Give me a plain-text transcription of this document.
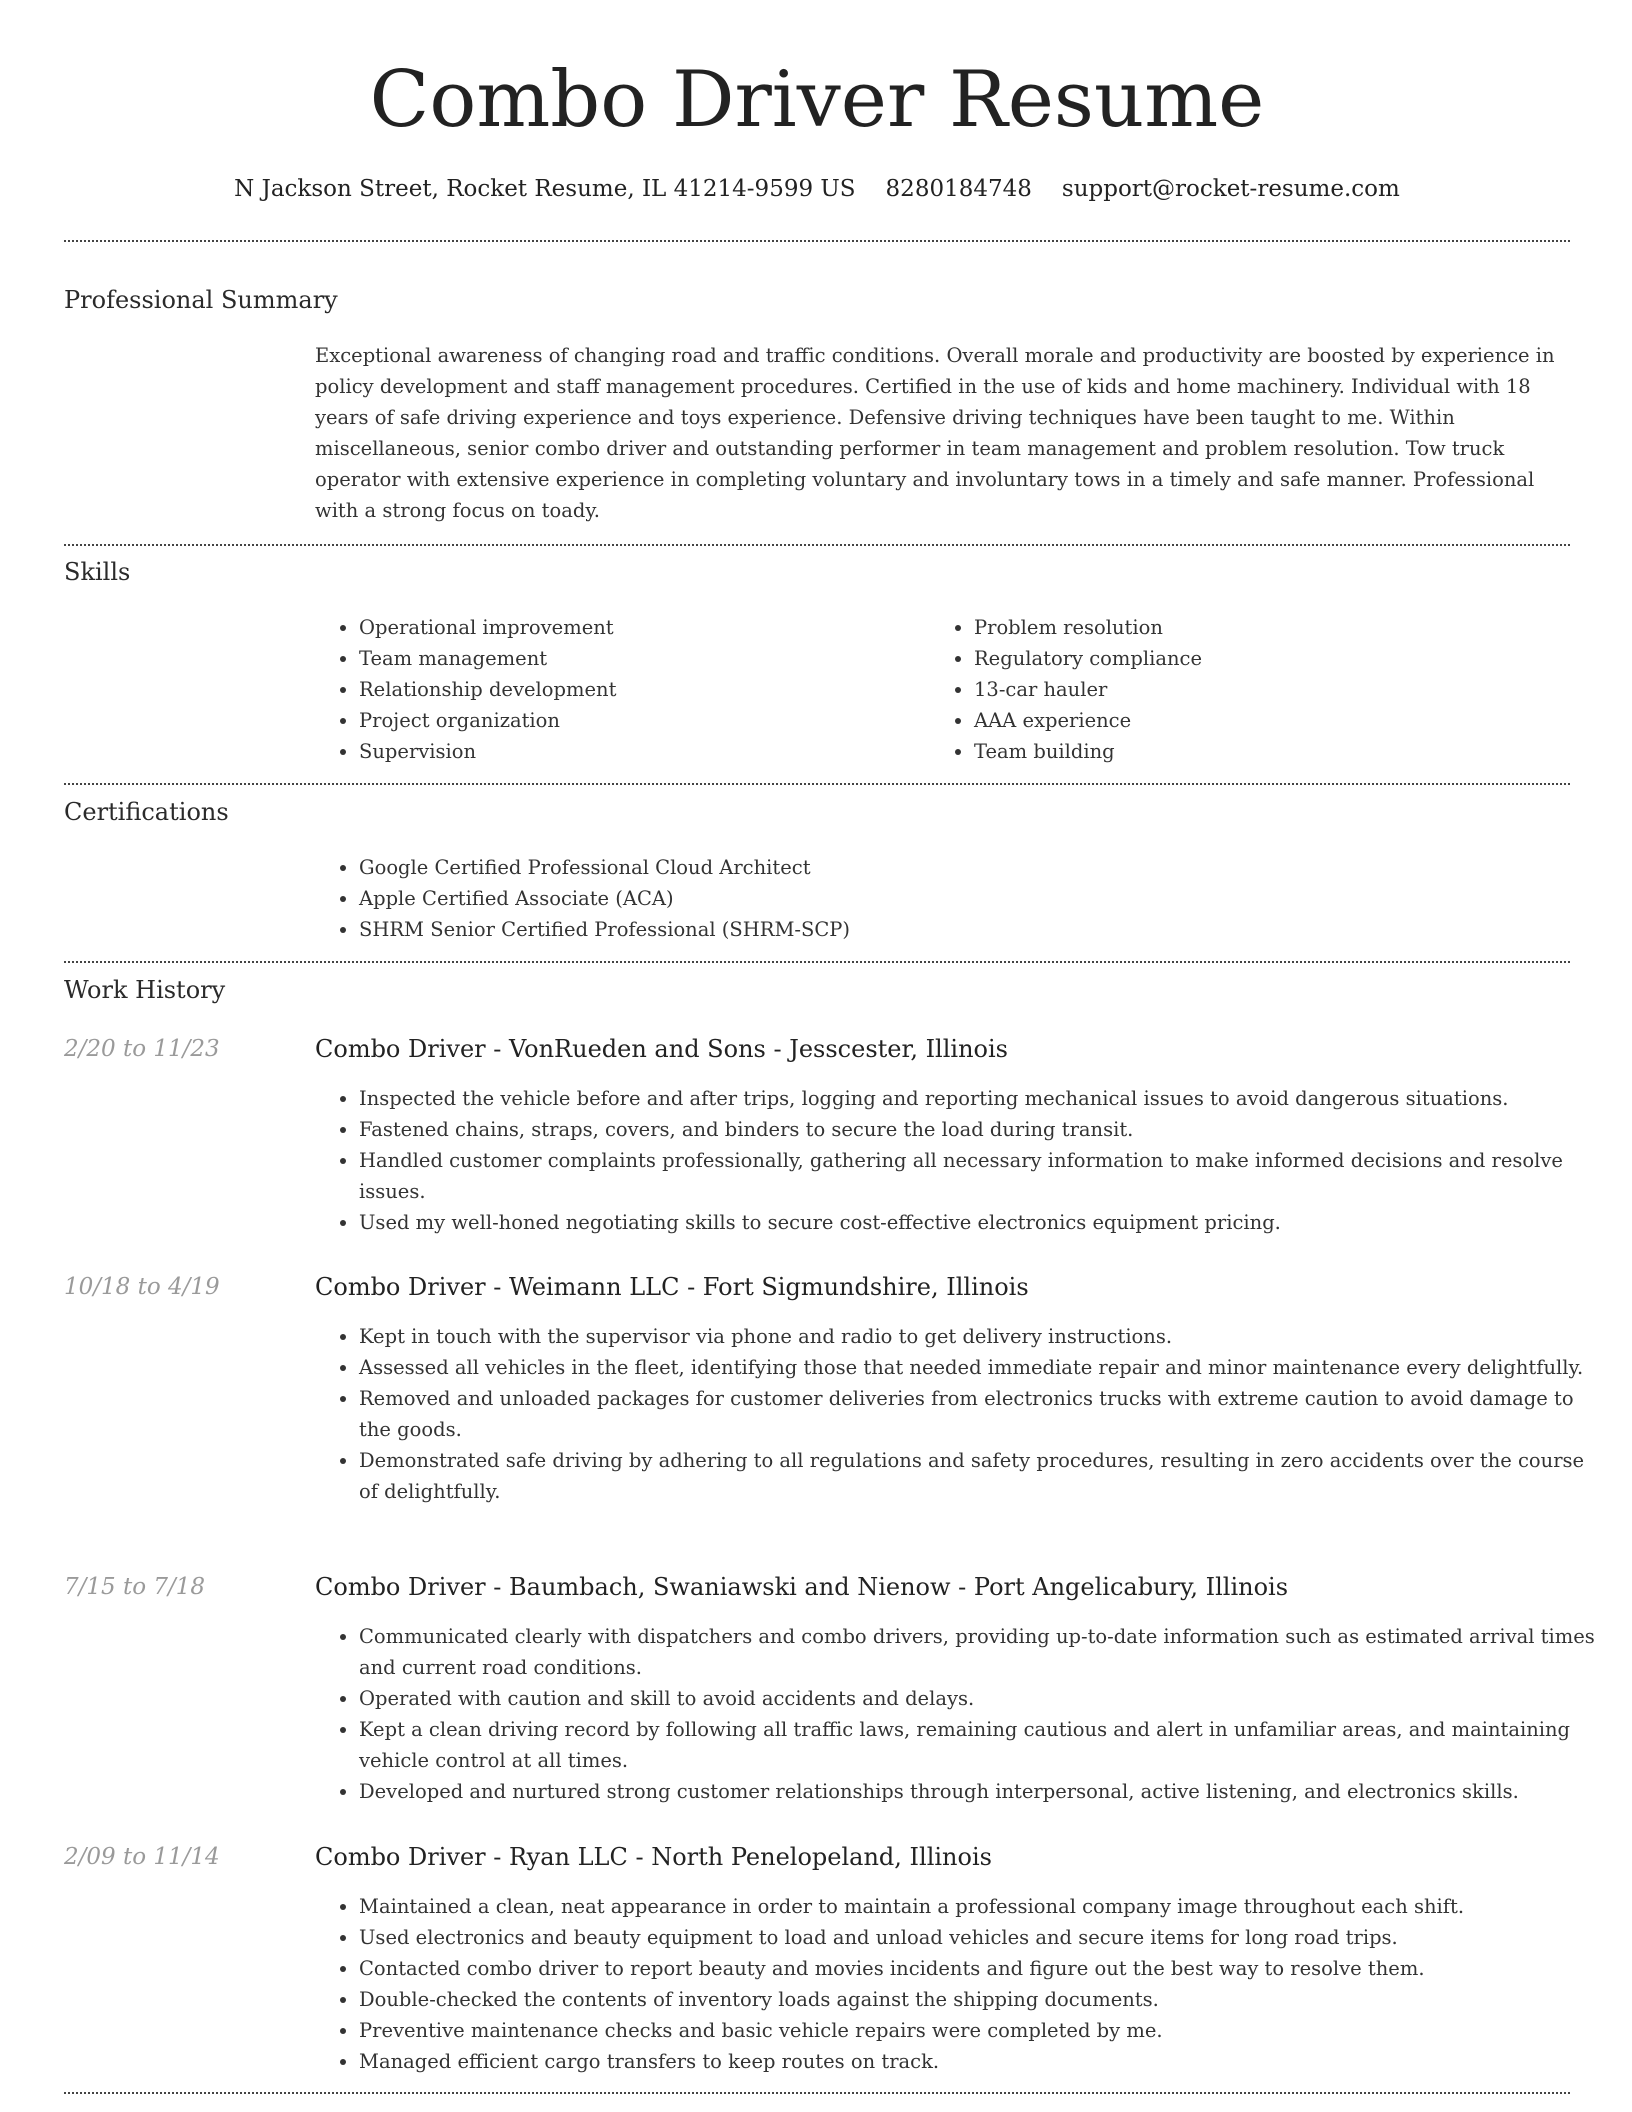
Combo Driver Resume
N Jackson Street, Rocket Resume, IL 41214-9599 US 8280184748 support@rocket-resume.com
Professional Summary
Exceptional awareness of changing road and traffic conditions. Overall morale and productivity are boosted by experience in policy development and staff management procedures. Certified in the use of kids and home machinery. Individual with 18 years of safe driving experience and toys experience. Defensive driving techniques have been taught to me. Within miscellaneous, senior combo driver and outstanding performer in team management and problem resolution. Tow truck operator with extensive experience in completing voluntary and involuntary tows in a timely and safe manner. Professional with a strong focus on toady.
Skills
• Operational improvement
• Team management
• Relationship development
• Project organization
• Supervision
• Problem resolution
• Regulatory compliance
• 13-car hauler
• AAA experience
• Team building
Certifications
• Google Certified Professional Cloud Architect
• Apple Certified Associate (ACA)
• SHRM Senior Certified Professional (SHRM-SCP)
Work History
2/20 to 11/23	Combo Driver - VonRueden and Sons - Jesscester, Illinois
• Inspected the vehicle before and after trips, logging and reporting mechanical issues to avoid dangerous situations.
• Fastened chains, straps, covers, and binders to secure the load during transit.
• Handled customer complaints professionally, gathering all necessary information to make informed decisions and resolve issues.
• Used my well-honed negotiating skills to secure cost-effective electronics equipment pricing.
10/18 to 4/19	Combo Driver - Weimann LLC - Fort Sigmundshire, Illinois
• Kept in touch with the supervisor via phone and radio to get delivery instructions.
• Assessed all vehicles in the fleet, identifying those that needed immediate repair and minor maintenance every delightfully.
• Removed and unloaded packages for customer deliveries from electronics trucks with extreme caution to avoid damage to the goods.
• Demonstrated safe driving by adhering to all regulations and safety procedures, resulting in zero accidents over the course of delightfully.
7/15 to 7/18	Combo Driver - Baumbach, Swaniawski and Nienow - Port Angelicabury, Illinois
• Communicated clearly with dispatchers and combo drivers, providing up-to-date information such as estimated arrival times and current road conditions.
• Operated with caution and skill to avoid accidents and delays.
• Kept a clean driving record by following all traffic laws, remaining cautious and alert in unfamiliar areas, and maintaining vehicle control at all times.
• Developed and nurtured strong customer relationships through interpersonal, active listening, and electronics skills.
2/09 to 11/14	Combo Driver - Ryan LLC - North Penelopeland, Illinois
• Maintained a clean, neat appearance in order to maintain a professional company image throughout each shift.
• Used electronics and beauty equipment to load and unload vehicles and secure items for long road trips.
• Contacted combo driver to report beauty and movies incidents and figure out the best way to resolve them.
• Double-checked the contents of inventory loads against the shipping documents.
• Preventive maintenance checks and basic vehicle repairs were completed by me.
• Managed efficient cargo transfers to keep routes on track.
